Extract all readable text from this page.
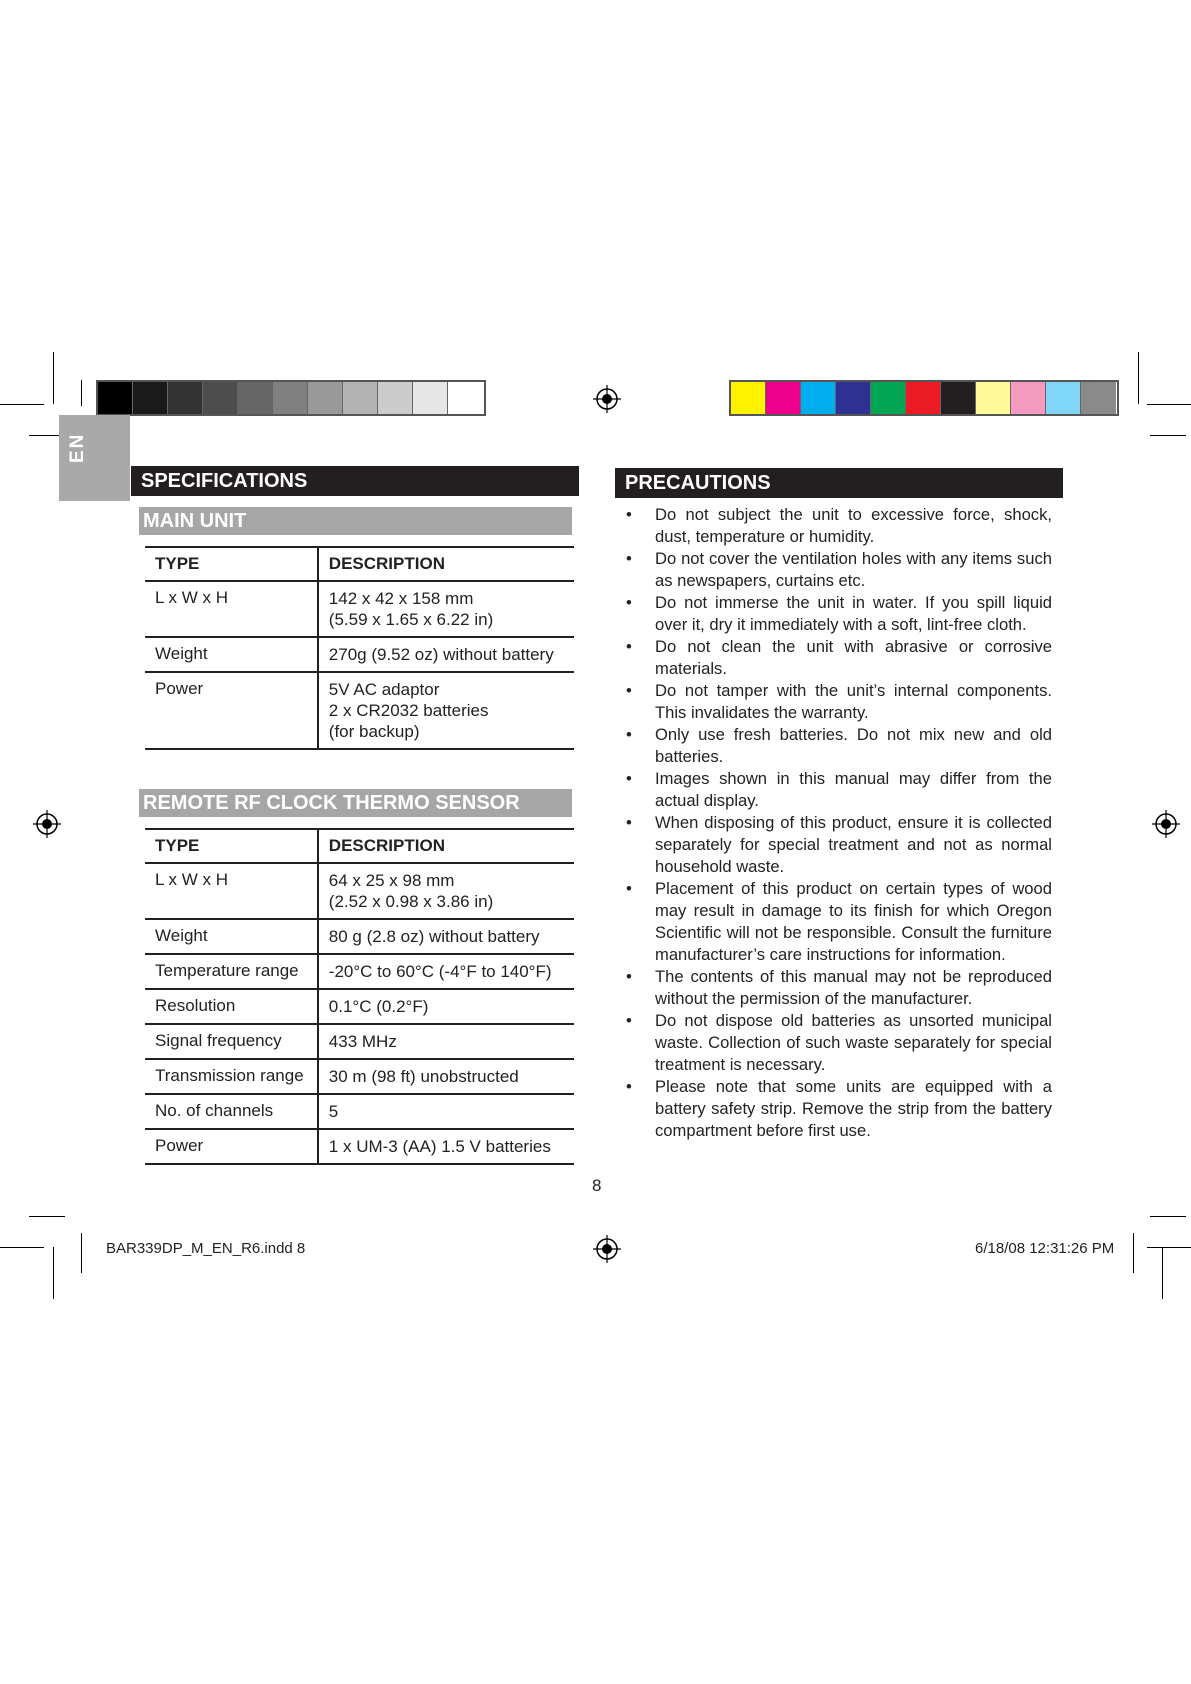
EN
SPECIFICATIONS
MAIN UNIT
TYPE	DESCRIPTION
L x W x H	142 x 42 x 158 mm
(5.59 x 1.65 x 6.22 in)

Weight	270g (9.52 oz) without battery

Power	5V AC adaptor
2 x CR2032 batteries
(for backup)
REMOTE RF CLOCK THERMO SENSOR
TYPE	DESCRIPTION
L x W x H	64 x 25 x 98 mm
(2.52 x 0.98 x 3.86 in)

Weight	80 g (2.8 oz) without battery

Temperature range	-20°C to 60°C (-4°F to 140°F)

Resolution	0.1°C (0.2°F)

Signal frequency	433 MHz

Transmission range	30 m (98 ft) unobstructed

No. of channels	5

Power	1 x UM-3 (AA) 1.5 V batteries
PRECAUTIONS
• Do not subject the unit to excessive force, shock, dust, temperature or humidity.
• Do not cover the ventilation holes with any items such as newspapers, curtains etc.
• Do not immerse the unit in water. If you spill liquid over it, dry it immediately with a soft, lint-free cloth.
• Do not clean the unit with abrasive or corrosive materials.
• Do not tamper with the unit’s internal components. This invalidates the warranty.
• Only use fresh batteries. Do not mix new and old batteries.
• Images shown in this manual may differ from the actual display.
• When disposing of this product, ensure it is collected separately for special treatment and not as normal household waste.
• Placement of this product on certain types of wood may result in damage to its finish for which Oregon Scientific will not be responsible. Consult the furniture manufacturer’s care instructions for information.
• The contents of this manual may not be reproduced without the permission of the manufacturer.
• Do not dispose old batteries as unsorted municipal waste. Collection of such waste separately for special treatment is necessary.
• Please note that some units are equipped with a battery safety strip. Remove the strip from the battery compartment before first use.
8
BAR339DP_M_EN_R6.indd 8	6/18/08 12:31:26 PM
